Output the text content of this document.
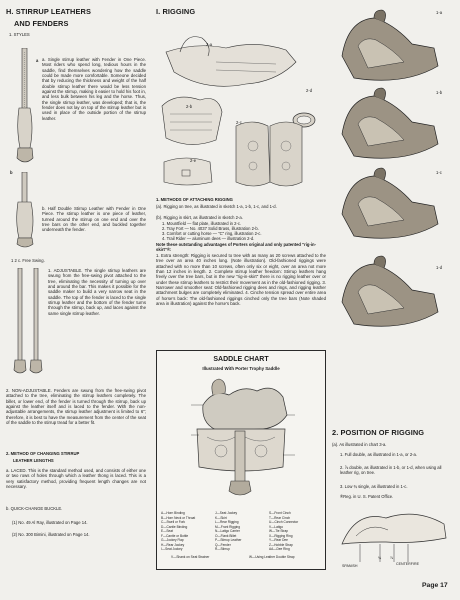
H. STIRRUP LEATHERS
AND FENDERS
1. STYLES
a a. Single stirrup leather with Fender in One Piece. Most riders who spend long, tedious hours in the saddle, find themselves wondering how the saddle could be made more comfortable. Someone decided that by reducing the thickness and weight of the half double stirrup leather there would be less tension against the stirrup, making it easier to hold his foot in, and less bulk between his leg and the horse. Thus, the single stirrup leather, was developed; that is, the fender does not lay on top of the stirrup leather but is used in place of the outside portion of the stirrup leather.
b
b. Half Double Stirrup Leather with Fender in One Piece. The stirrup leather is one piece of leather, turned around the stirrup on one end and over the tree bars on the other end, and buckled together underneath the fender.
1 2 c. Free Swing.
1. ADJUSTABLE. The single stirrup leathers are swung from the free-swing pivot attached to the tree, eliminating the necessity of turning up over and around the bar. This makes it possible for the saddle maker to build a very narrow seat in the saddle. The top of the fender is laced to the single stirrup leather and the bottom of the fender turns through the stirrup, back up, and laces against the same single stirrup leather.
2. NON-ADJUSTABLE. Fenders are swung from the free-swing pivot attached to the tree, eliminating the stirrup leathers completely. The billet, or lower end, of the fender is turned through the stirrup, back up against the leather itself and is laced to the fender. With the non-adjustable arrangements, the stirrup leather adjustment is limited to 6"; therefore, it is best to have the measurement from the center of the seat of the saddle to the stirrup tread for a better fit.
2. METHOD OF CHANGING STIRRUP
LEATHER LENGTHS
a. LACED. This is the standard method used, and consists of either one or two rows of holes through which a leather thong is laced. This is a very satisfactory method, providing frequent length changes are not necessary.
b. QUICK-CHANGE BUCKLE.
(1) No. 49 Al Ray, illustrated on Page 14.
(2) No. 300 Bimini, illustrated on Page 14.
I. RIGGING
2-a
2-b
2-c
2-d
2-e
1. METHODS OF ATTACHING RIGGING
(a). Rigging on tree, as illustrated in sketch 1-a, 1-b, 1-c, and 1-d.
(b). Rigging in skirt, as illustrated in sketch 2-a.
1. Mountfield — flat plate, illustrated in 2-c.
2. Tray Fort — No. 4037 Solid Brass, illustration 2-b.
3. Comfort or cutting horse — "C" ring, illustration 2-c.
4. Trail Rider — aluminum dees — illustration 2-d.
Note these outstanding advantages of Porters original and only patented "rig-in-skirt"®:
1. Extra strength: Rigging is secured to tree with as many as 20 screws attached to the tree over an area 40 inches long. (Note illustration). Old-fashioned riggings were attached with no more than 10 screws, often only six or eight, over an area not more than 12 inches in length. 2. Complete stirrup leather freedom: Stirrup leathers hang freely over the tree bars, but in the new "rig-in-skirt" there is no rigging leather over or under these stirrup leathers to restrict their movement as in the old-fashioned rigging. 3. Narrower and smoother seat: Old-fashioned rigging dees and rings, and rigging leather attachment bulges are completely eliminated. 4. Cinche tension spread over entire area of horse's back: The old-fashioned riggings cinched only the tree bars (Note shaded area in illustration) against the horse's back.
SADDLE CHART
Illustrated With Porter Trophy Saddle
A—Horn Binding
B—Horn Neck or Throat
C—Swell or Fork
D—Cantle Binding
E—Seat
F—Cantle or Bottle
G—Jockey Flap
H—Rear Jockey
I—Seat Jockey
J—Seat Jockey
K—Skirt
L—Rear Rigging
M—Front Rigging
N—Latigo Carrier
O—Flank Billet
P—Stirrup Leather
Q—Fender
R—Stirrup
S—Front Cinch
T—Rear Cinch
U—Cinch Connector
V—Latigo
W—Tie Strap
X—Rigging Ring
Y—Rear Dee
Z—Hobble Strap
AA—Dee Ring
V—Shank on Seat Strainer	W—Using Leather Double Strap
1-a
1-b
1-c
1-d
2. POSITION OF RIGGING
(a). As illustrated in chart 3-a.
1. Full double, as illustrated in 1-a, or 2-a.
2. ⅞ double, as illustrated in 1-b, or 1-d, when using all leather rig, on tree.
3. Low ¾ single, as illustrated in 1-c.
®Reg. in U. S. Patent Office.
SPANISH
¾	⅞
CENTERFIRE
Page 17
